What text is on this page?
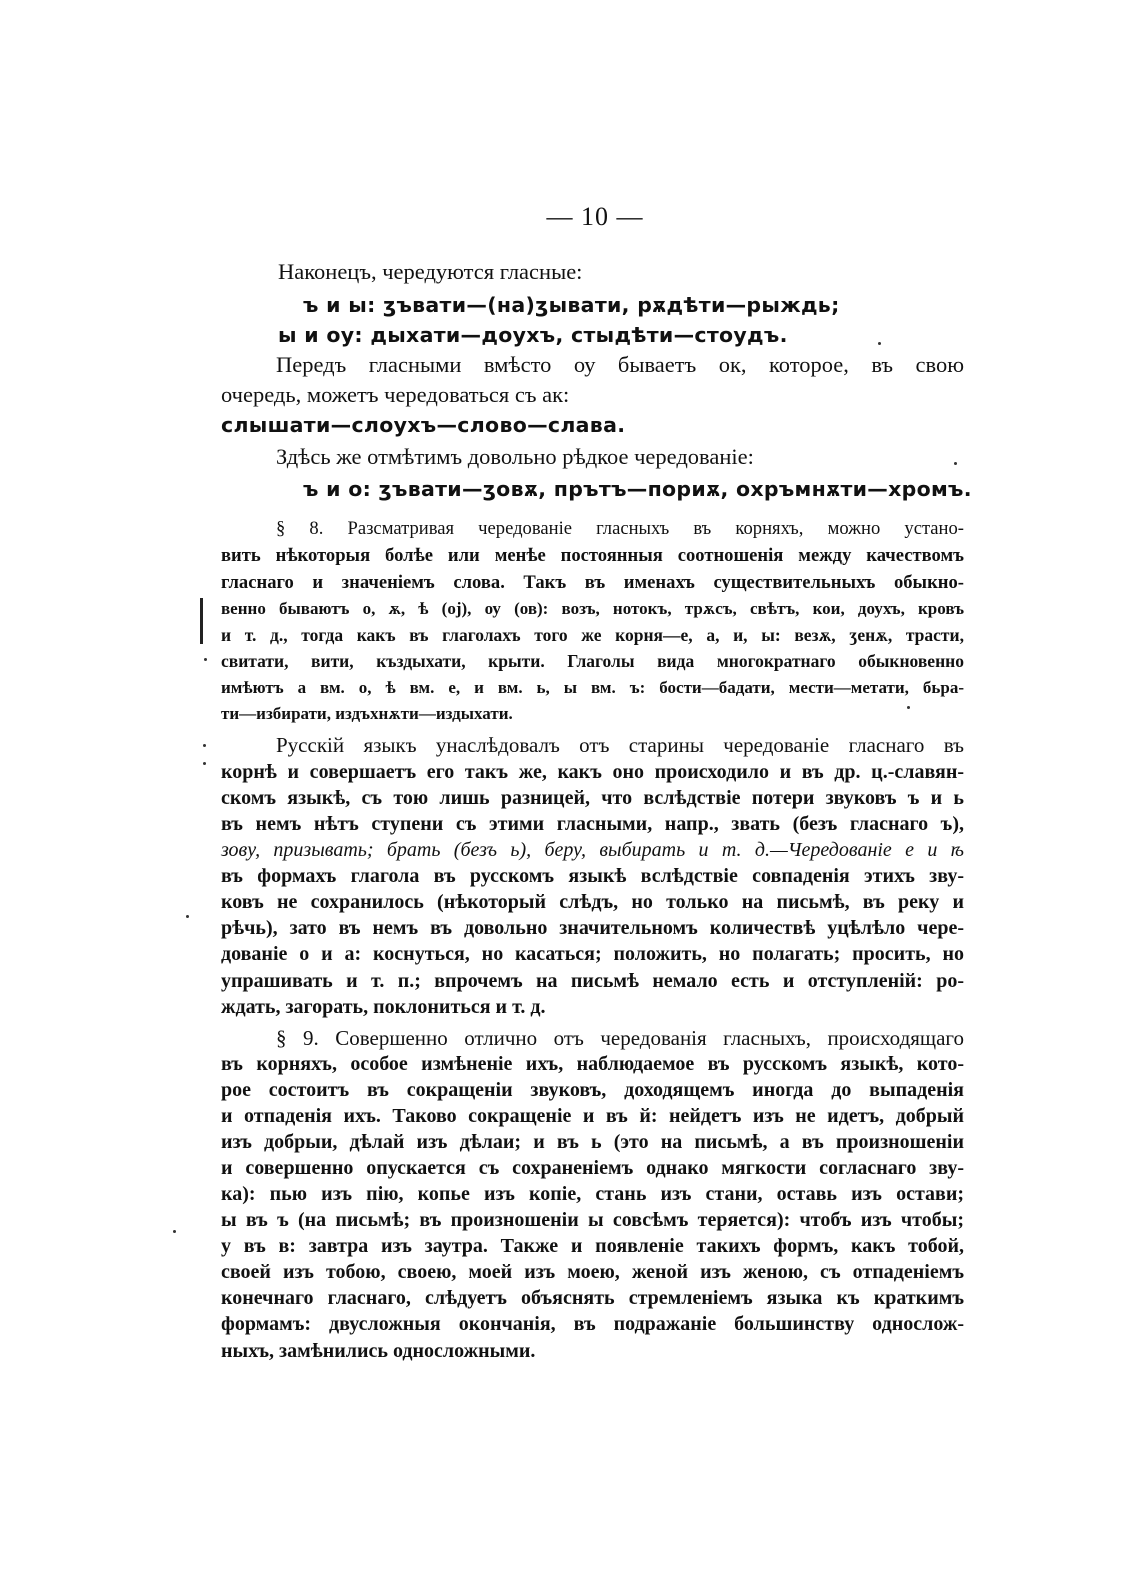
— 10 —
Наконецъ, чередуются гласные:
ъ и ы: ʒъвати—(на)ʒывати, рѫдѣти—рыждь;
ы и оу: дыхати—доухъ, стыдѣти—стоудъ.
Передъ гласными вмѣсто оу бываетъ ок, которое, въ свою
очередь, можетъ чередоваться съ ак:
слышати—слоухъ—слово—слава.
Здѣсь же отмѣтимъ довольно рѣдкое чередованіе:
ъ и о: ʒъвати—ʒовѫ, прътъ—пориѫ, охръмнѫти—хромъ.
§ 8. Разсматривая чередованіе гласныхъ въ корняхъ, можно устано-
вить нѣкоторыя болѣе или менѣе постоянныя соотношенія между качествомъ
гласнаго и значеніемъ слова. Такъ въ именахъ существительныхъ обыкно-
венно бываютъ о, ѫ, ѣ (оj), оу (ов): возъ, нотокъ, трѫсъ, свѣтъ, кои, доухъ, кровъ
и т. д., тогда какъ въ глаголахъ того же корня—е, а, и, ы: везѫ, ʒенѫ, трасти,
свитати, вити, къздыхати, крыти. Глаголы вида многократнаго обыкновенно
имѣютъ а вм. о, ѣ вм. е, и вм. ь, ы вм. ъ: бости—бадати, мести—метати, бьра-
ти—избирати, издъхнѫти—издыхати.
Русскій языкъ унаслѣдовалъ отъ старины чередованіе гласнаго въ
корнѣ и совершаетъ его такъ же, какъ оно происходило и въ др. ц.-славян-
скомъ языкѣ, съ тою лишь разницей, что вслѣдствіе потери звуковъ ъ и ь
въ немъ нѣтъ ступени съ этими гласными, напр., звать (безъ гласнаго ъ),
зову, призывать; брать (безъ ь), беру, выбирать и т. д.—Чередованіе е и ѣ
въ формахъ глагола въ русскомъ языкѣ вслѣдствіе совпаденія этихъ зву-
ковъ не сохранилось (нѣкоторый слѣдъ, но только на письмѣ, въ реку и
рѣчь), зато въ немъ въ довольно значительномъ количествѣ уцѣлѣло чере-
дованіе о и а: коснуться, но касаться; положить, но полагать; просить, но
упрашивать и т. п.; впрочемъ на письмѣ немало есть и отступленій: ро-
ждать, загорать, поклониться и т. д.
§ 9. Совершенно отлично отъ чередованія гласныхъ, происходящаго
въ корняхъ, особое измѣненіе ихъ, наблюдаемое въ русскомъ языкѣ, кото-
рое состоитъ въ сокращеніи звуковъ, доходящемъ иногда до выпаденія
и отпаденія ихъ. Таково сокращеніе и въ й: нейдетъ изъ не идетъ, добрый
изъ добрыи, дѣлай изъ дѣлаи; и въ ь (это на письмѣ, а въ произношеніи
и совершенно опускается съ сохраненіемъ однако мягкости согласнаго зву-
ка): пью изъ пію, копье изъ копіе, стань изъ стани, оставь изъ остави;
ы въ ъ (на письмѣ; въ произношеніи ы совсѣмъ теряется): чтобъ изъ чтобы;
у въ в: завтра изъ заутра. Также и появленіе такихъ формъ, какъ тобой,
своей изъ тобою, своею, моей изъ моею, женой изъ женою, съ отпаденіемъ
конечнаго гласнаго, слѣдуетъ объяснять стремленіемъ языка къ краткимъ
формамъ: двусложныя окончанія, въ подражаніе большинству однослож-
ныхъ, замѣнились односложными.
